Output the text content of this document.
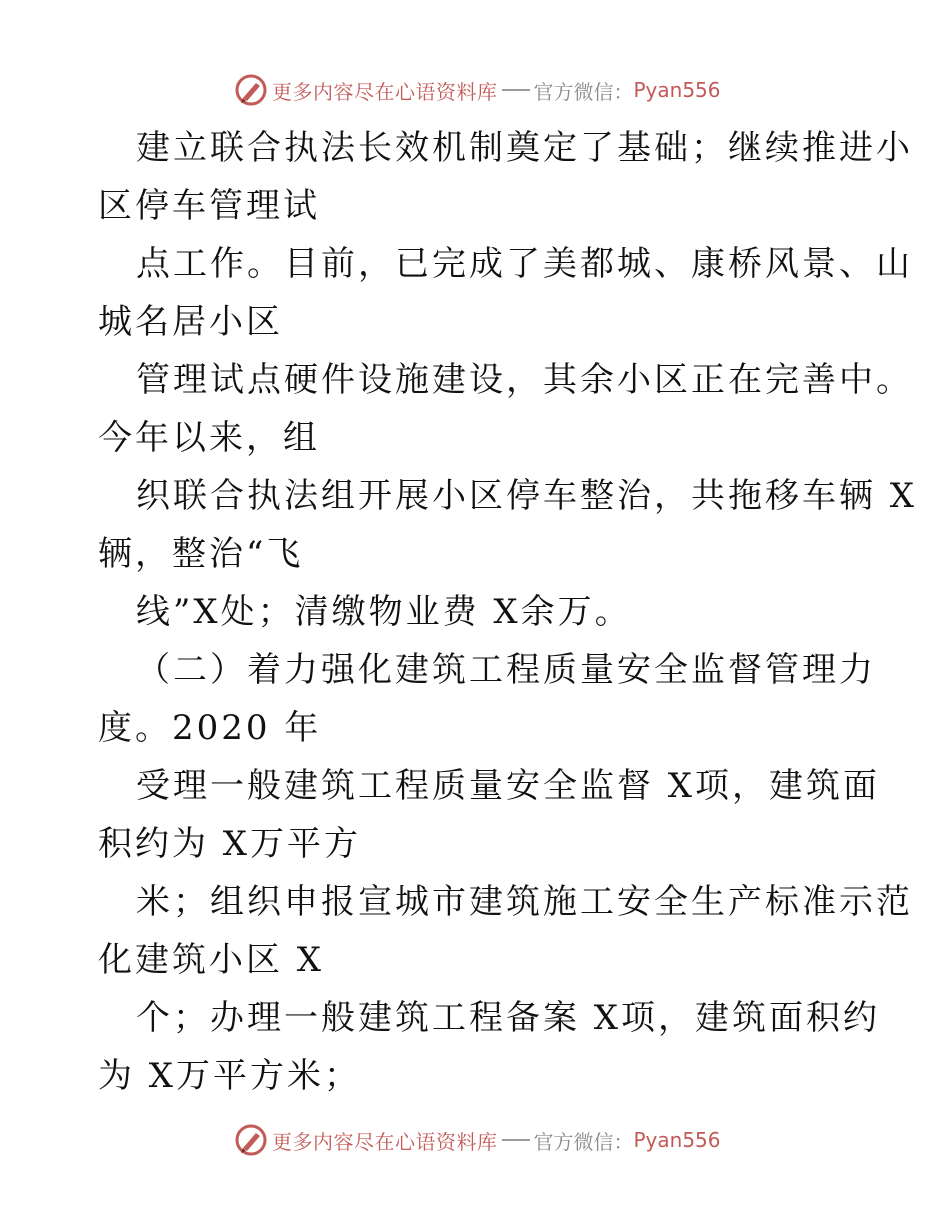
更多内容尽在心语资料库 官方微信： Pyan556
建立联合执法长效机制奠定了基础；继续推进小
区停车管理试
点工作。目前，已完成了美都城、康桥风景、山
城名居小区
管理试点硬件设施建设，其余小区正在完善中。
今年以来，组
织联合执法组开展小区停车整治，共拖移车辆 X
辆，整治“飞
线”X处；清缴物业费 X余万。
（二）着力强化建筑工程质量安全监督管理力
度。2020 年
受理一般建筑工程质量安全监督 X项，建筑面
积约为 X万平方
米；组织申报宣城市建筑施工安全生产标准示范
化建筑小区 X
个；办理一般建筑工程备案 X项，建筑面积约
为 X万平方米；
更多内容尽在心语资料库 官方微信： Pyan556
